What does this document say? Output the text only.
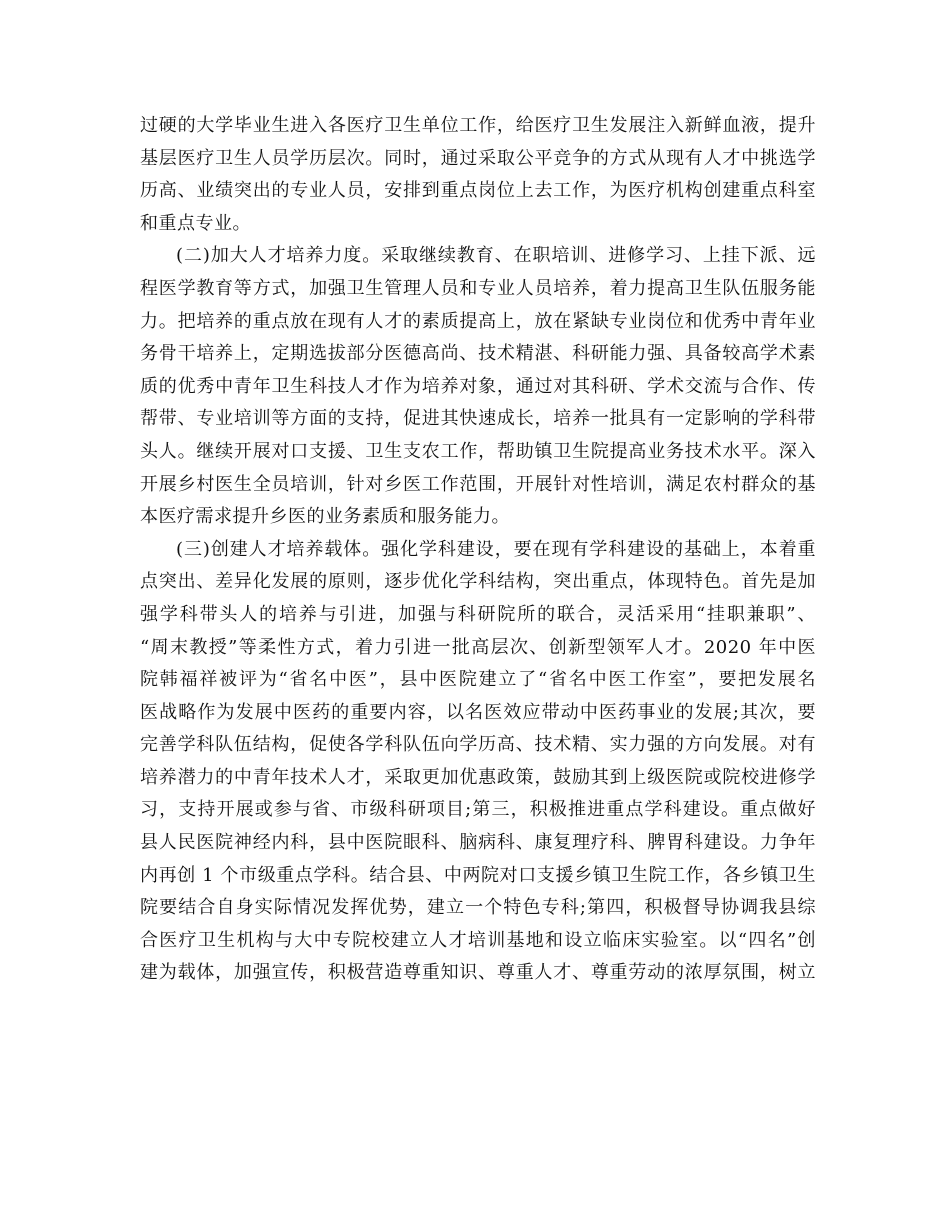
过硬的大学毕业生进入各医疗卫生单位工作，给医疗卫生发展注入新鲜血液，提升
基层医疗卫生人员学历层次。同时，通过采取公平竞争的方式从现有人才中挑选学
历高、业绩突出的专业人员，安排到重点岗位上去工作，为医疗机构创建重点科室
和重点专业。
(二)加大人才培养力度。采取继续教育、在职培训、进修学习、上挂下派、远
程医学教育等方式，加强卫生管理人员和专业人员培养，着力提高卫生队伍服务能
力。把培养的重点放在现有人才的素质提高上，放在紧缺专业岗位和优秀中青年业
务骨干培养上，定期选拔部分医德高尚、技术精湛、科研能力强、具备较高学术素
质的优秀中青年卫生科技人才作为培养对象，通过对其科研、学术交流与合作、传
帮带、专业培训等方面的支持，促进其快速成长，培养一批具有一定影响的学科带
头人。继续开展对口支援、卫生支农工作，帮助镇卫生院提高业务技术水平。深入
开展乡村医生全员培训，针对乡医工作范围，开展针对性培训，满足农村群众的基
本医疗需求提升乡医的业务素质和服务能力。
(三)创建人才培养载体。强化学科建设，要在现有学科建设的基础上，本着重
点突出、差异化发展的原则，逐步优化学科结构，突出重点，体现特色。首先是加
强学科带头人的培养与引进，加强与科研院所的联合，灵活采用“挂职兼职”、
“周末教授”等柔性方式，着力引进一批高层次、创新型领军人才。2020 年中医
院韩福祥被评为“省名中医”，县中医院建立了“省名中医工作室”，要把发展名
医战略作为发展中医药的重要内容，以名医效应带动中医药事业的发展;其次，要
完善学科队伍结构，促使各学科队伍向学历高、技术精、实力强的方向发展。对有
培养潜力的中青年技术人才，采取更加优惠政策，鼓励其到上级医院或院校进修学
习，支持开展或参与省、市级科研项目;第三，积极推进重点学科建设。重点做好
县人民医院神经内科，县中医院眼科、脑病科、康复理疗科、脾胃科建设。力争年
内再创 1 个市级重点学科。结合县、中两院对口支援乡镇卫生院工作，各乡镇卫生
院要结合自身实际情况发挥优势，建立一个特色专科;第四，积极督导协调我县综
合医疗卫生机构与大中专院校建立人才培训基地和设立临床实验室。以“四名”创
建为载体，加强宣传，积极营造尊重知识、尊重人才、尊重劳动的浓厚氛围，树立
